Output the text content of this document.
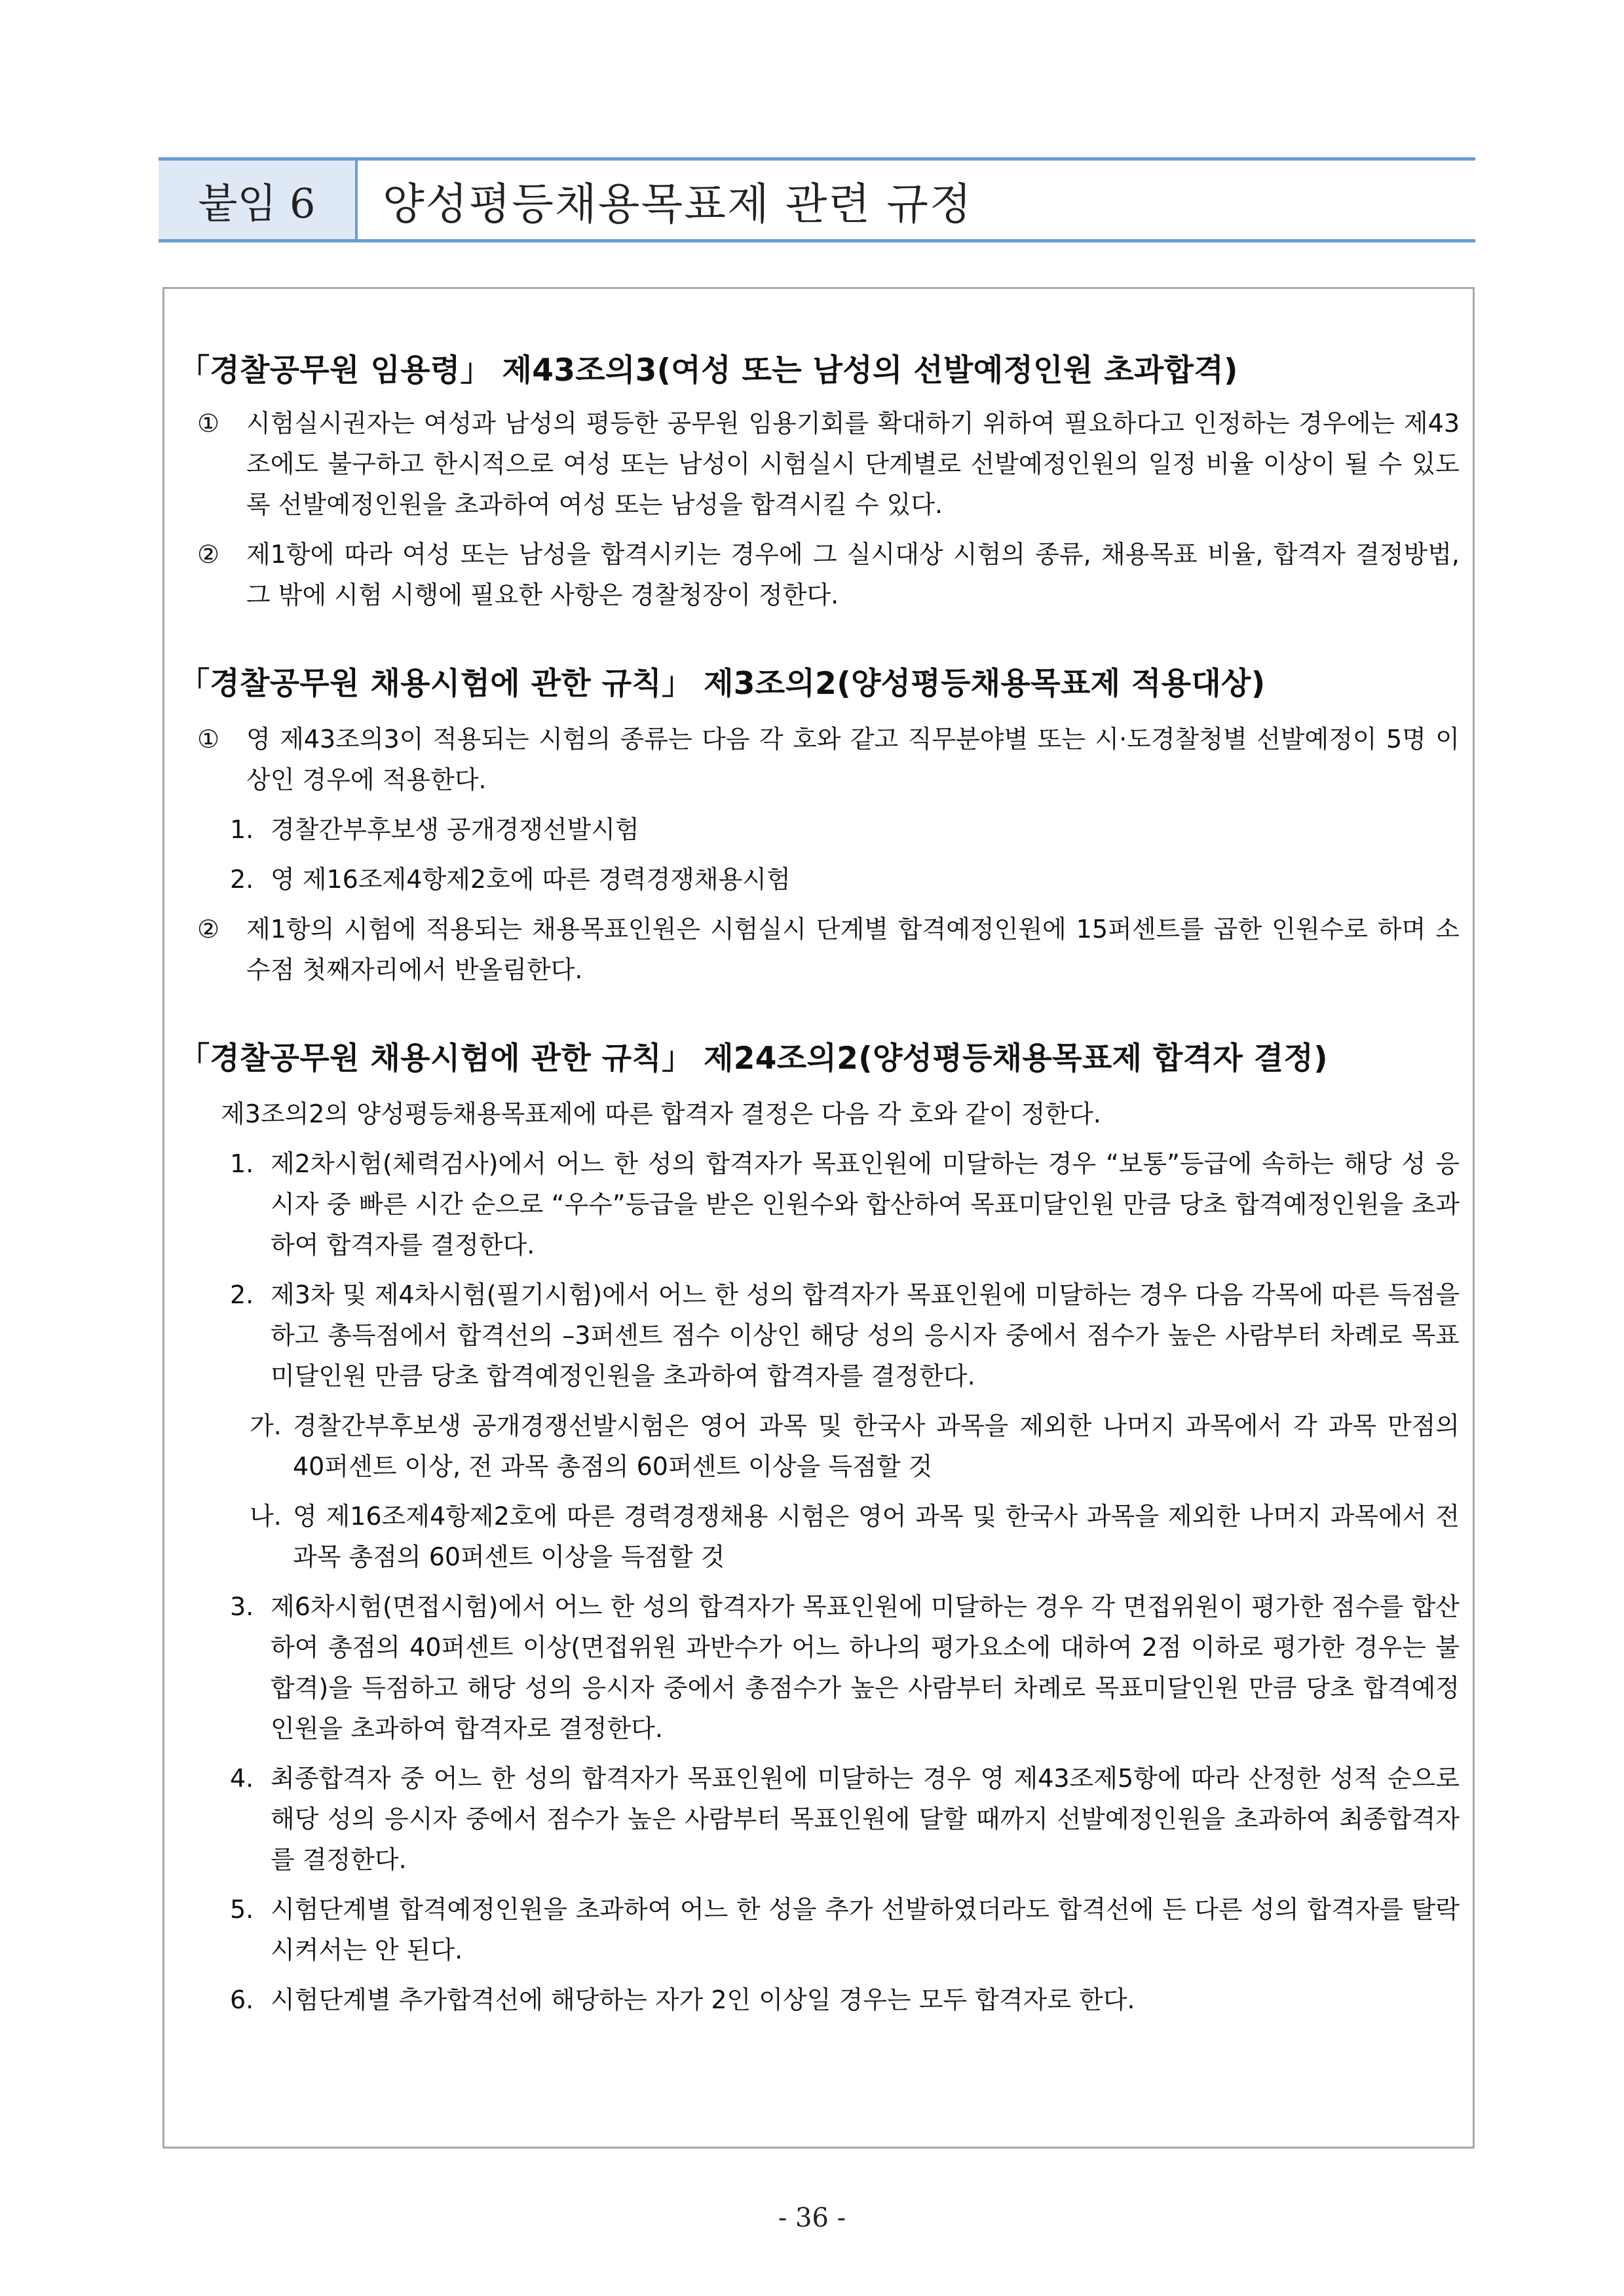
붙임 6	양성평등채용목표제 관련 규정
「경찰공무원 임용령」 제43조의3(여성 또는 남성의 선발예정인원 초과합격)
①	시험실시권자는 여성과 남성의 평등한 공무원 임용기회를 확대하기 위하여 필요하다고 인정하는 경우에는 제43조에도 불구하고 한시적으로 여성 또는 남성이 시험실시 단계별로 선발예정인원의 일정 비율 이상이 될 수 있도록 선발예정인원을 초과하여 여성 또는 남성을 합격시킬 수 있다.
②	제1항에 따라 여성 또는 남성을 합격시키는 경우에 그 실시대상 시험의 종류, 채용목표 비율, 합격자 결정방법, 그 밖에 시험 시행에 필요한 사항은 경찰청장이 정한다.
「경찰공무원 채용시험에 관한 규칙」 제3조의2(양성평등채용목표제 적용대상)
①	영 제43조의3이 적용되는 시험의 종류는 다음 각 호와 같고 직무분야별 또는 시·도경찰청별 선발예정이 5명 이상인 경우에 적용한다.
1. 경찰간부후보생 공개경쟁선발시험
2. 영 제16조제4항제2호에 따른 경력경쟁채용시험
②	제1항의 시험에 적용되는 채용목표인원은 시험실시 단계별 합격예정인원에 15퍼센트를 곱한 인원수로 하며 소수점 첫째자리에서 반올림한다.
「경찰공무원 채용시험에 관한 규칙」 제24조의2(양성평등채용목표제 합격자 결정)
제3조의2의 양성평등채용목표제에 따른 합격자 결정은 다음 각 호와 같이 정한다.
1. 제2차시험(체력검사)에서 어느 한 성의 합격자가 목표인원에 미달하는 경우 “보통”등급에 속하는 해당 성 응시자 중 빠른 시간 순으로 “우수”등급을 받은 인원수와 합산하여 목표미달인원 만큼 당초 합격예정인원을 초과하여 합격자를 결정한다.
2. 제3차 및 제4차시험(필기시험)에서 어느 한 성의 합격자가 목표인원에 미달하는 경우 다음 각목에 따른 득점을 하고 총득점에서 합격선의 –3퍼센트 점수 이상인 해당 성의 응시자 중에서 점수가 높은 사람부터 차례로 목표미달인원 만큼 당초 합격예정인원을 초과하여 합격자를 결정한다.
가. 경찰간부후보생 공개경쟁선발시험은 영어 과목 및 한국사 과목을 제외한 나머지 과목에서 각 과목 만점의 40퍼센트 이상, 전 과목 총점의 60퍼센트 이상을 득점할 것
나. 영 제16조제4항제2호에 따른 경력경쟁채용 시험은 영어 과목 및 한국사 과목을 제외한 나머지 과목에서 전 과목 총점의 60퍼센트 이상을 득점할 것
3. 제6차시험(면접시험)에서 어느 한 성의 합격자가 목표인원에 미달하는 경우 각 면접위원이 평가한 점수를 합산하여 총점의 40퍼센트 이상(면접위원 과반수가 어느 하나의 평가요소에 대하여 2점 이하로 평가한 경우는 불합격)을 득점하고 해당 성의 응시자 중에서 총점수가 높은 사람부터 차례로 목표미달인원 만큼 당초 합격예정인원을 초과하여 합격자로 결정한다.
4. 최종합격자 중 어느 한 성의 합격자가 목표인원에 미달하는 경우 영 제43조제5항에 따라 산정한 성적 순으로 해당 성의 응시자 중에서 점수가 높은 사람부터 목표인원에 달할 때까지 선발예정인원을 초과하여 최종합격자를 결정한다.
5. 시험단계별 합격예정인원을 초과하여 어느 한 성을 추가 선발하였더라도 합격선에 든 다른 성의 합격자를 탈락시켜서는 안 된다.
6. 시험단계별 추가합격선에 해당하는 자가 2인 이상일 경우는 모두 합격자로 한다.
- 36 -
